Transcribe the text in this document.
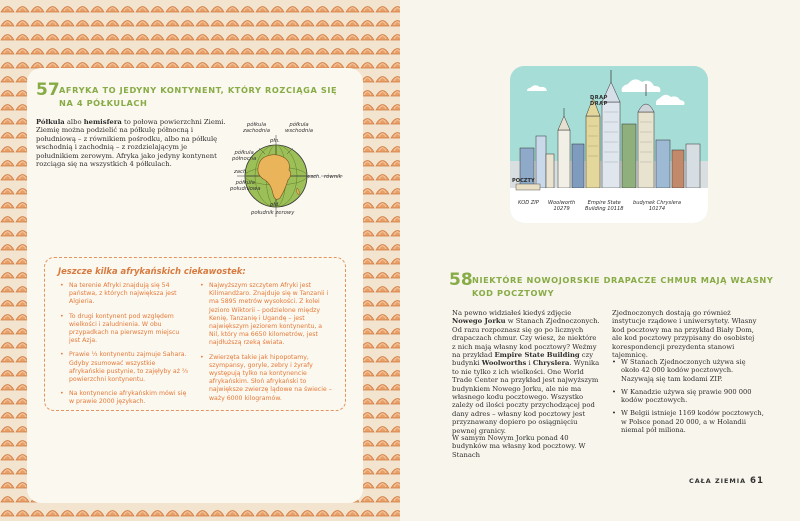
57 AFRYKA TO JEDYNY KONTYNENT, KTÓRY ROZCIĄGA SIĘ
NA 4 PÓŁKULACH
Półkula albo hemisfera to połowa powierzchni Ziemi. Ziemię można podzielić na półkulę północną i południową – z równikiem pośrodku, albo na półkulę wschodnią i zachodnią – z rozdzielającym je południkiem zerowym. Afryka jako jedyny kontynent rozciąga się na wszystkich 4 półkulach.
półkula
zachodnia
półkula
wschodnia
płn.
półkula
północna
zach.
półkula
południowa
wsch. równik
płd.
południk zerowy
Jeszcze kilka afrykańskich ciekawostek:
• Na terenie Afryki znajdują się 54 państwa, z których największa jest Algieria.
• To drugi kontynent pod względem wielkości i zaludnienia. W obu przypadkach na pierwszym miejscu jest Azja.
• Prawie ⅓ kontynentu zajmuje Sahara. Gdyby zsumować wszystkie afrykańskie pustynie, to zajęłyby aż ⅔ powierzchni kontynentu.
• Na kontynencie afrykańskim mówi się w prawie 2000 językach.
• Najwyższym szczytem Afryki jest Kilimandżaro. Znajduje się w Tanzanii i ma 5895 metrów wysokości. Z kolei Jezioro Wiktorii – podzielone między Kenię, Tanzanię i Ugandę – jest największym jeziorem kontynentu, a Nil, który ma 6650 kilometrów, jest najdłuższą rzeką świata.
• Zwierzęta takie jak hipopotamy, szympansy, goryle, zebry i żyrafy występują tylko na kontynencie afrykańskim. Słoń afrykański to największe zwierzę lądowe na świecie – waży 6000 kilogramów.
DRAP
DRAP
POCZTY
KOD ZIP Woolworth
10279
Empire State
Building 10118
budynek Chryslera
10174
58 NIEKTÓRE NOWOJORSKIE DRAPACZE CHMUR MAJĄ WŁASNY
KOD POCZTOWY
Na pewno widziałeś kiedyś zdjęcie Nowego Jorku w Stanach Zjednoczonych. Od razu rozpoznasz się go po licznych drapaczach chmur. Czy wiesz, że niektóre z nich mają własny kod pocztowy? Weźmy na przykład Empire State Building czy budynki Woolworths i Chryslera. Wynika to nie tylko z ich wielkości. One World Trade Center na przykład jest najwyższym budynkiem Nowego Jorku, ale nie ma własnego kodu pocztowego. Wszystko zależy od ilości poczty przychodzącej pod dany adres – własny kod pocztowy jest przyznawany dopiero po osiągnięciu pewnej granicy.
W samym Nowym Jorku ponad 40 budynków ma własny kod pocztowy. W Stanach
Zjednoczonych dostają go również instytucje rządowe i uniwersytety. Własny kod pocztowy ma na przykład Biały Dom, ale kod pocztowy przypisany do osobistej korespondencji prezydenta stanowi tajemnicę.
• W Stanach Zjednoczonych używa się około 42 000 kodów pocztowych. Nazywają się tam kodami ZIP.
• W Kanadzie używa się prawie 900 000 kodów pocztowych.
• W Belgii istnieje 1169 kodów pocztowych, w Polsce ponad 20 000, a w Holandii niemal pół miliona.
CAŁA ZIEMIA 61
